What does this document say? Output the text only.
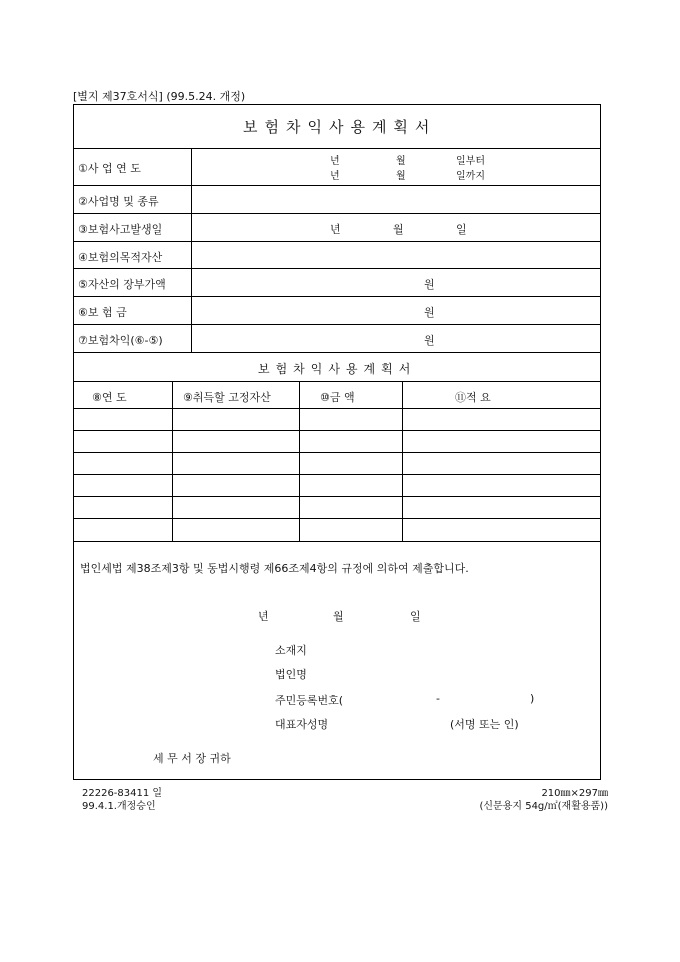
[별지 제37호서식] (99.5.24. 개정)
보험차익사용계획서
①사 업 연 도
년	월	일부터
년	월	일까지
②사업명 및 종류
③보험사고발생일	년	월	일
④보험의목적자산
⑤자산의 장부가액	원
⑥보 험 금	원
⑦보험차익(⑥-⑤)	원
보험차익사용계획서
⑧연 도	⑨취득할 고정자산	⑩금 액	⑪적 요
법인세법 제38조제3항 및 동법시행령 제66조제4항의 규정에 의하여 제출합니다.
년	월	일
소재지
법인명
주민등록번호(	-	)
대표자성명	(서명 또는 인)
세 무 서 장 귀하
22226-83411 일
99.4.1.개정승인
210㎜×297㎜
(신문용지 54g/㎡(재활용품))
